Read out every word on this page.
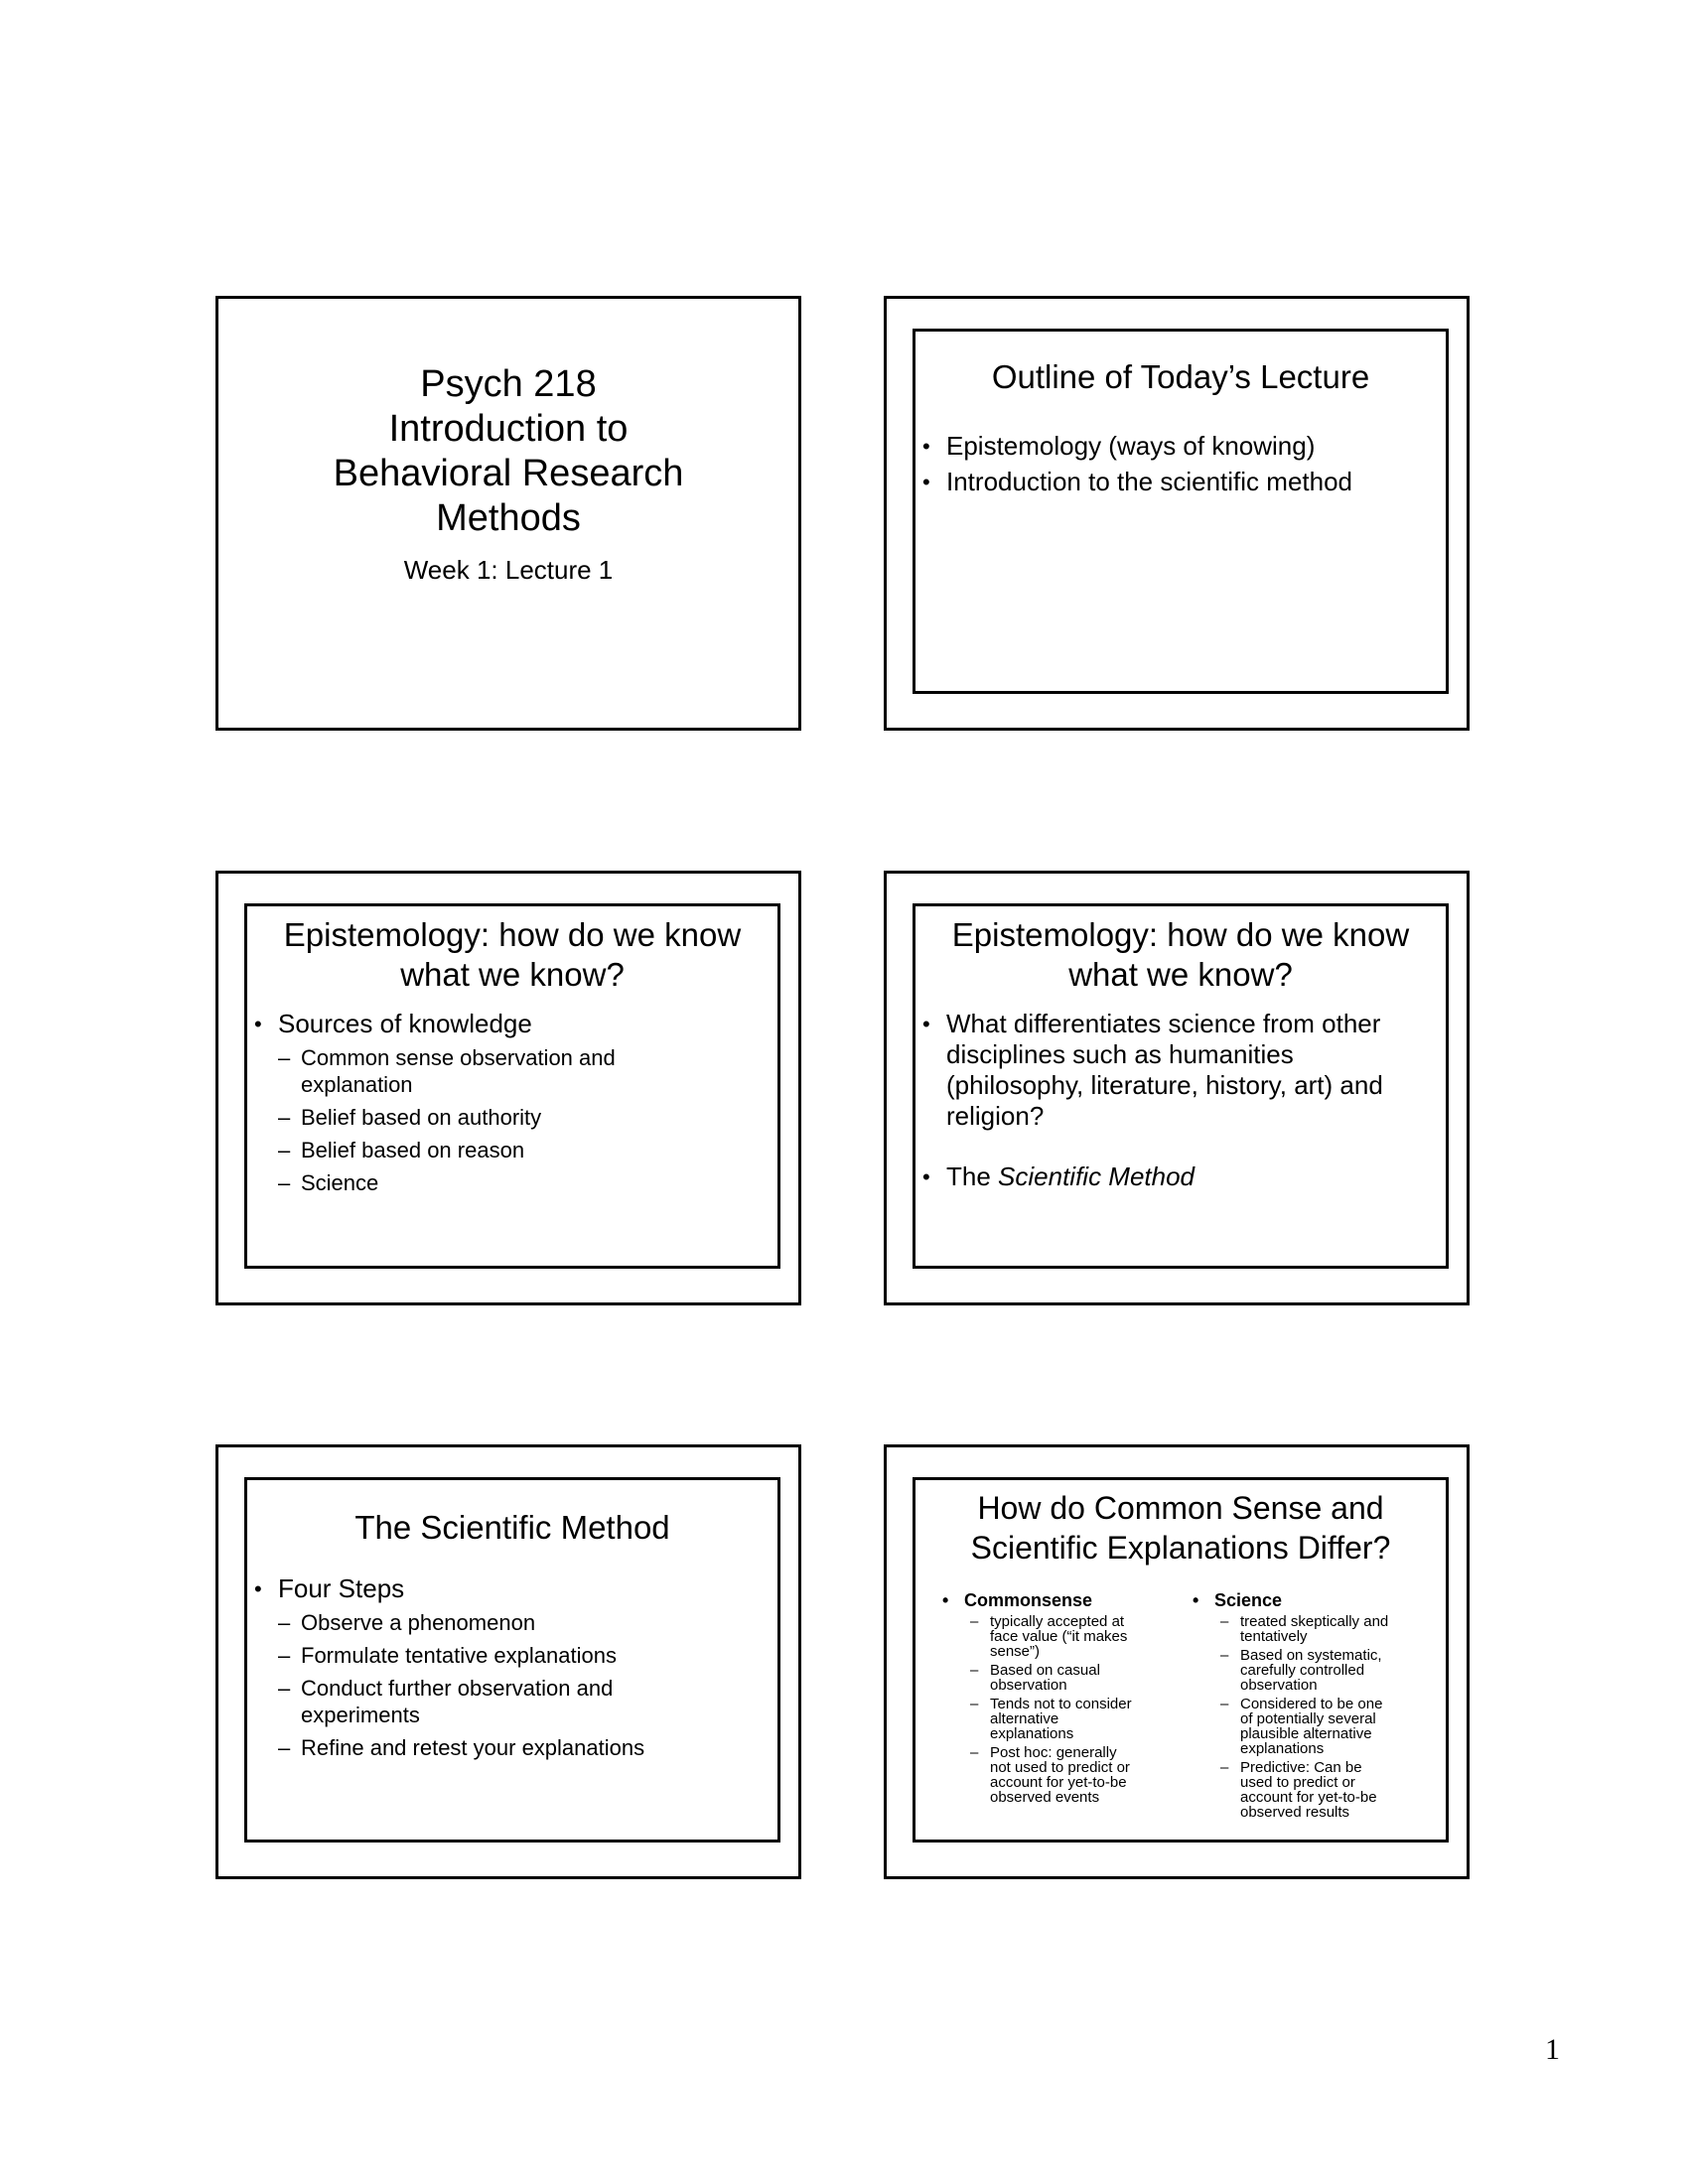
Psych 218
Introduction to
Behavioral Research
Methods
Week 1: Lecture 1
Outline of Today’s Lecture
• Epistemology (ways of knowing)
• Introduction to the scientific method
Epistemology: how do we know
what we know?
• Sources of knowledge
– Common sense observation and explanation
– Belief based on authority
– Belief based on reason
– Science
Epistemology: how do we know
what we know?
• What differentiates science from other disciplines such as humanities (philosophy, literature, history, art) and religion?
• The Scientific Method
The Scientific Method
• Four Steps
– Observe a phenomenon
– Formulate tentative explanations
– Conduct further observation and experiments
– Refine and retest your explanations
How do Common Sense and
Scientific Explanations Differ?
• Commonsense
– typically accepted at face value (“it makes sense”)
– Based on casual observation
– Tends not to consider alternative explanations
– Post hoc: generally not used to predict or account for yet-to-be observed events
• Science
– treated skeptically and tentatively
– Based on systematic, carefully controlled observation
– Considered to be one of potentially several plausible alternative explanations
– Predictive: Can be used to predict or account for yet-to-be observed results
1
